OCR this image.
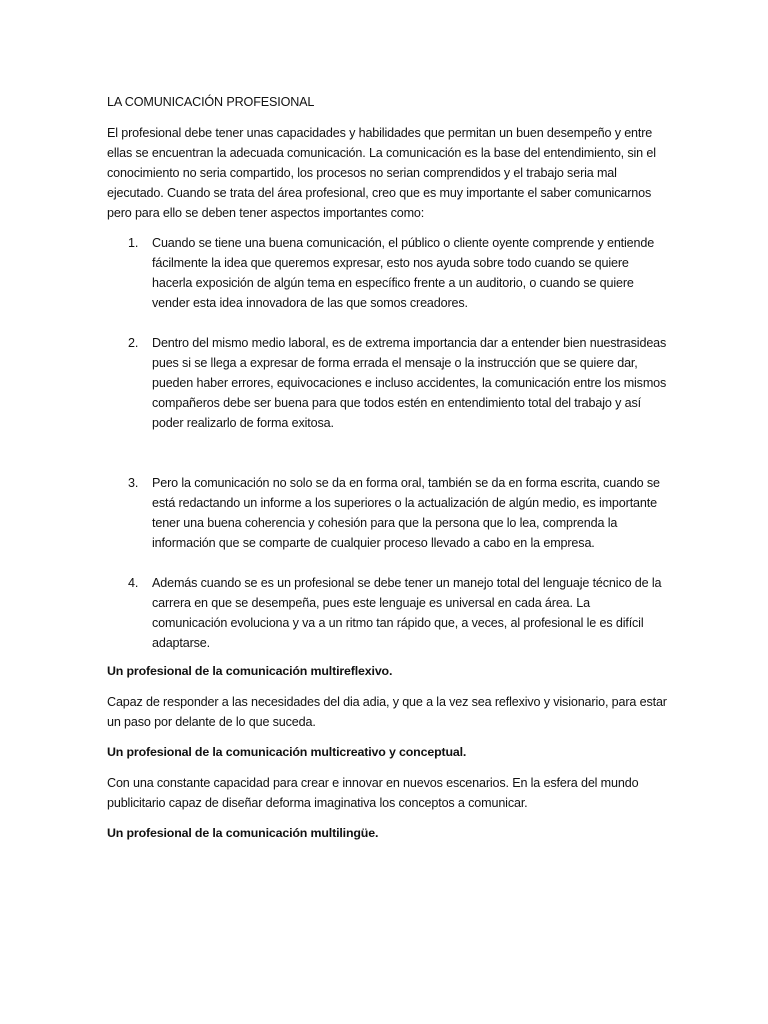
LA COMUNICACIÓN PROFESIONAL

El profesional debe tener unas capacidades y habilidades que permitan un buen desempeño y entre ellas se encuentran la adecuada comunicación. La comunicación es la base del entendimiento, sin el conocimiento no seria compartido, los procesos no serian comprendidos y el trabajo seria mal ejecutado. Cuando se trata del área profesional, creo que es muy importante el saber comunicarnos pero para ello se deben tener aspectos importantes como:

1. Cuando se tiene una buena comunicación, el público o cliente oyente comprende y entiende fácilmente la idea que queremos expresar, esto nos ayuda sobre todo cuando se quiere hacerla exposición de algún tema en específico frente a un auditorio, o cuando se quiere vender esta idea innovadora de las que somos creadores.
2. Dentro del mismo medio laboral, es de extrema importancia dar a entender bien nuestrasideas pues si se llega a expresar de forma errada el mensaje o la instrucción que se quiere dar, pueden haber errores, equivocaciones e incluso accidentes, la comunicación entre los mismos compañeros debe ser buena para que todos estén en entendimiento total del trabajo y así poder realizarlo de forma exitosa.
3. Pero la comunicación no solo se da en forma oral, también se da en forma escrita, cuando se está redactando un informe a los superiores o la actualización de algún medio, es importante tener una buena coherencia y cohesión para que la persona que lo lea, comprenda la información que se comparte de cualquier proceso llevado a cabo en la empresa.
4. Además cuando se es un profesional se debe tener un manejo total del lenguaje técnico de la carrera en que se desempeña, pues este lenguaje es universal en cada área. La comunicación evoluciona y va a un ritmo tan rápido que, a veces, al profesional le es difícil adaptarse.
Un profesional de la comunicación multireflexivo.

Capaz de responder a las necesidades del dia adia, y que a la vez sea reflexivo y visionario, para estar un paso por delante de lo que suceda.

Un profesional de la comunicación multicreativo y conceptual.

Con una constante capacidad para crear e innovar en nuevos escenarios. En la esfera del mundo publicitario capaz de diseñar deforma imaginativa los conceptos a comunicar.

Un profesional de la comunicación multilingüe.
